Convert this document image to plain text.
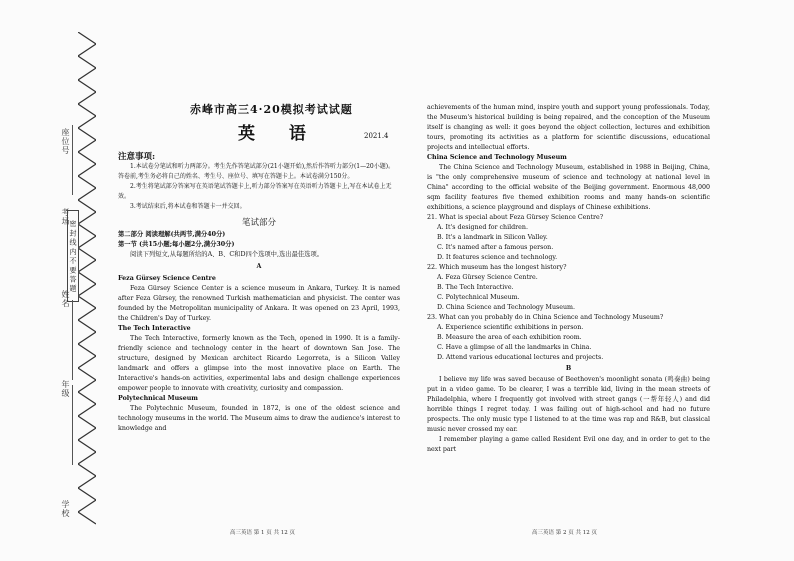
座位号
考场
密 封 线 内 不 要 答 题
姓名
年级
学校
赤峰市高三4·20模拟考试试题
英 语	2021.4

注意事项:

1.本试卷分笔试和听力两部分。考生先作答笔试部分(21小题开始),然后作答听力部分(1—20小题)。答卷前,考生务必将自己的姓名、考生号、座位号、填写在答题卡上。本试卷满分150分。

2.考生将笔试部分答案写在英语笔试答题卡上,听力部分答案写在英语听力答题卡上,写在本试卷上无效。

3.考试结束后,将本试卷和答题卡一并交回。

笔试部分

第二部分 阅读理解(共两节,满分40分)

第一节 (共15小题;每小题2分,满分30分)

阅读下列短文,从每题所给的A、B、C和D四个选项中,选出最佳选项。

A

Feza Gürsey Science Centre

Feza Gürsey Science Center is a science museum in Ankara, Turkey. It is named after Feza Gürsey, the renowned Turkish mathematician and physicist. The center was founded by the Metropolitan municipality of Ankara. It was opened on 23 April, 1993, the Children's Day of Turkey.

The Tech Interactive

The Tech Interactive, formerly known as the Tech, opened in 1990. It is a family-friendly science and technology center in the heart of downtown San Jose. The structure, designed by Mexican architect Ricardo Legorreta, is a Silicon Valley landmark and offers a glimpse into the most innovative place on Earth. The Interactive's hands-on activities, experimental labs and design challenge experiences empower people to innovate with creativity, curiosity and compassion.

Polytechnical Museum

The Polytechnic Museum, founded in 1872, is one of the oldest science and technology museums in the world. The Museum aims to draw the audience's interest to knowledge and

高三英语 第 1 页 共 12 页

achievements of the human mind, inspire youth and support young professionals. Today, the Museum's historical building is being repaired, and the conception of the Museum itself is changing as well: it goes beyond the object collection, lectures and exhibition tours, promoting its activities as a platform for scientific discussions, educational projects and intellectual efforts.

China Science and Technology Museum

The China Science and Technology Museum, established in 1988 in Beijing, China, is "the only comprehensive museum of science and technology at national level in China" according to the official website of the Beijing government. Enormous 48,000 sqm facility features five themed exhibition rooms and many hands-on scientific exhibitions, a science playground and displays of Chinese exhibitions.

21. What is special about Feza Gürsey Science Centre?

A. It's designed for children.

B. It's a landmark in Silicon Valley.

C. It's named after a famous person.

D. It features science and technology.

22. Which museum has the longest history?

A. Feza Gürsey Science Centre.

B. The Tech Interactive.

C. Polytechnical Museum.

D. China Science and Technology Museum.

23. What can you probably do in China Science and Technology Museum?

A. Experience scientific exhibitions in person.

B. Measure the area of each exhibition room.

C. Have a glimpse of all the landmarks in China.

D. Attend various educational lectures and projects.

B

I believe my life was saved because of Beethoven's moonlight sonata (鸣奏曲) being put in a video game. To be clearer, I was a terrible kid, living in the mean streets of Philadelphia, where I frequently got involved with street gangs (一帮年轻人) and did horrible things I regret today. I was failing out of high-school and had no future prospects. The only music type I listened to at the time was rap and R&B, but classical music never crossed my ear.

I remember playing a game called Resident Evil one day, and in order to get to the next part

高三英语 第 2 页 共 12 页
